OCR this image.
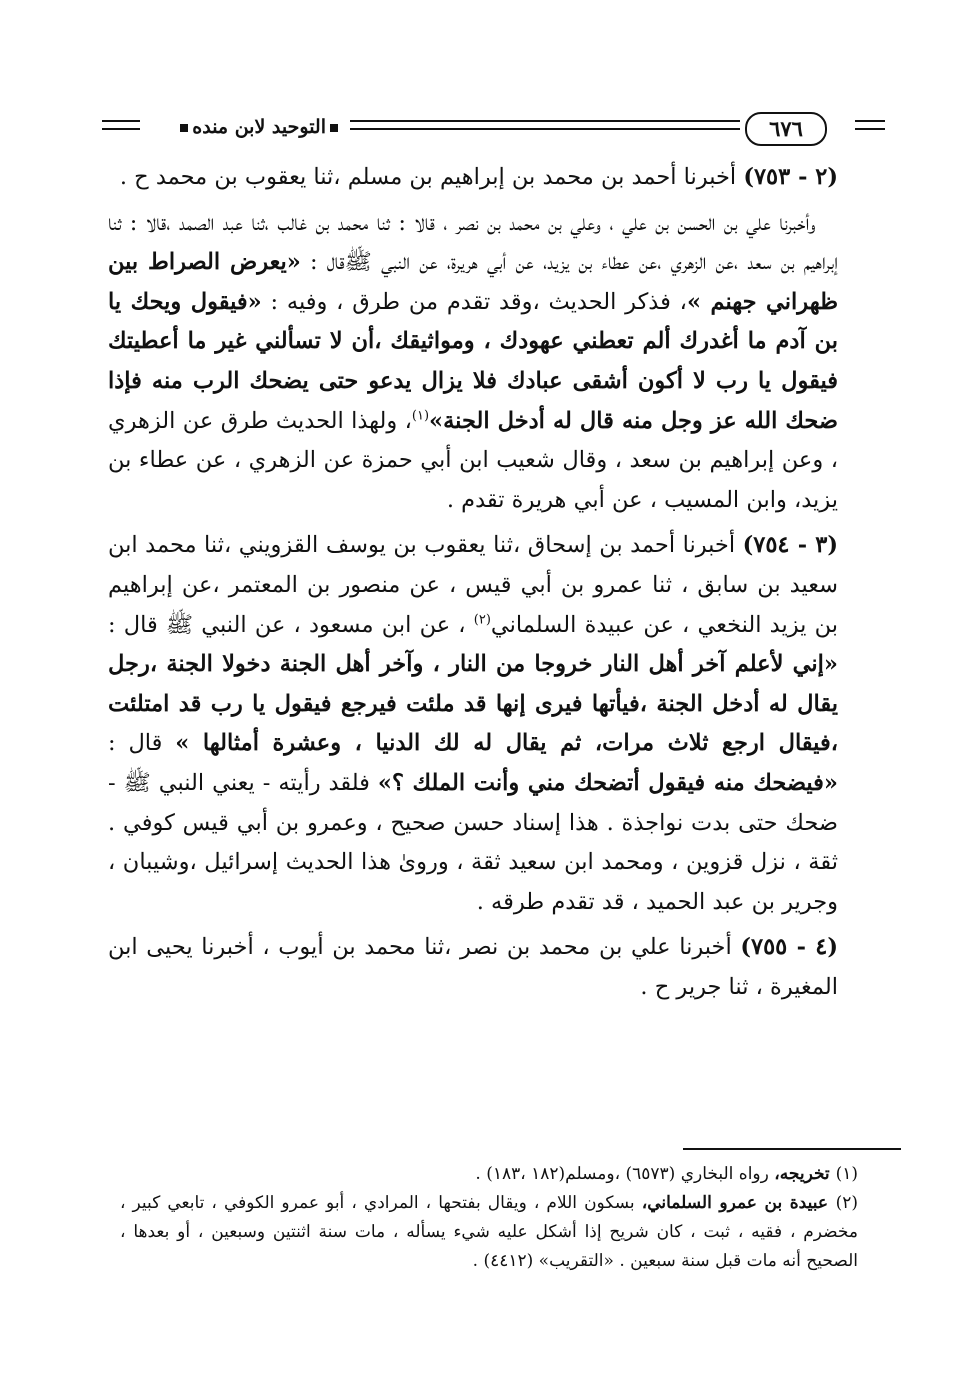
٦٧٦
التوحيد لابن منده

(٢ - ٧٥٣) أخبرنا أحمد بن محمد بن إبراهيم بن مسلم ،ثنا يعقوب بن محمد ح .

 وأخبرنا علي بن الحسن بن علي ، وعلي بن محمد بن نصر ، قالا : ثنا محمد بن غالب ،ثنا عبد الصمد ،قالا : ثنا إبراهيم بن سعد ،عن الزهري ،عن عطاء بن يزيد، عن أبي هريرة، عن النبي ﷺقال : «يعرض الصراط بين ظهراني جهنم »، فذكر الحديث ،وقد تقدم من طرق ، وفيه : «فيقول ويحك يا بن آدم ما أغدرك ألم تعطني عهودك ، ومواثيقك ،أن لا تسألني غير ما أعطيتك فيقول يا رب لا أكون أشقى عبادك فلا يزال يدعو حتى يضحك الرب منه فإذا ضحك الله عز وجل منه قال له أدخل الجنة»$^{(١)}$، ولهذا الحديث طرق عن الزهري ، وعن إبراهيم بن سعد ، وقال شعيب ابن أبي حمزة عن الزهري ، عن عطاء بن يزيد، وابن المسيب ، عن أبي هريرة تقدم .

(٣ - ٧٥٤) أخبرنا أحمد بن إسحاق ،ثنا يعقوب بن يوسف القزويني ،ثنا محمد ابن سعيد بن سابق ، ثنا عمرو بن أبي قيس ، عن منصور بن المعتمر ،عن إبراهيم بن يزيد النخعي ، عن عبيدة السلماني$^{(٢)}$ ، عن ابن مسعود ، عن النبي ﷺ قال : «إني لأعلم آخر أهل النار خروجا من النار ، وآخر أهل الجنة دخولا الجنة ،رجل يقال له أدخل الجنة ،فيأتها فيرى إنها قد ملئت فيرجع فيقول يا رب قد امتلئت ،فيقال ارجع ثلاث مرات، ثم يقال له لك الدنيا ، وعشرة أمثالها » قال : «فيضحك منه فيقول أتضحك مني وأنت الملك ؟» فلقد رأيته - يعني النبي ﷺ - ضحك حتى بدت نواجذة . هذا إسناد حسن صحيح ، وعمرو بن أبي قيس كوفي . ثقة ، نزل قزوين ، ومحمد ابن سعيد ثقة ، وروىٰ هذا الحديث إسرائيل ،وشيبان ، وجرير بن عبد الحميد ، قد تقدم طرقه .

(٤ - ٧٥٥) أخبرنا علي بن محمد بن نصر ،ثنا محمد بن أيوب ، أخبرنا يحيى ابن المغيرة ، ثنا جرير ح .

(١) تخريجه، رواه البخاري (٦٥٧٣) ،ومسلم(١٨٢ ،١٨٣) .

(٢) عبيدة بن عمرو السلماني، بسكون اللام ، ويقال بفتحها ، المرادي ، أبو عمرو الكوفي ، تابعي كبير ، مخضرم ، فقيه ، ثبت ، كان شريح إذا أشكل عليه شيء يسأله ، مات سنة اثنتين وسبعين ، أو بعدها ، الصحيح أنه مات قبل سنة سبعين . «التقريب» (٤٤١٢) .
